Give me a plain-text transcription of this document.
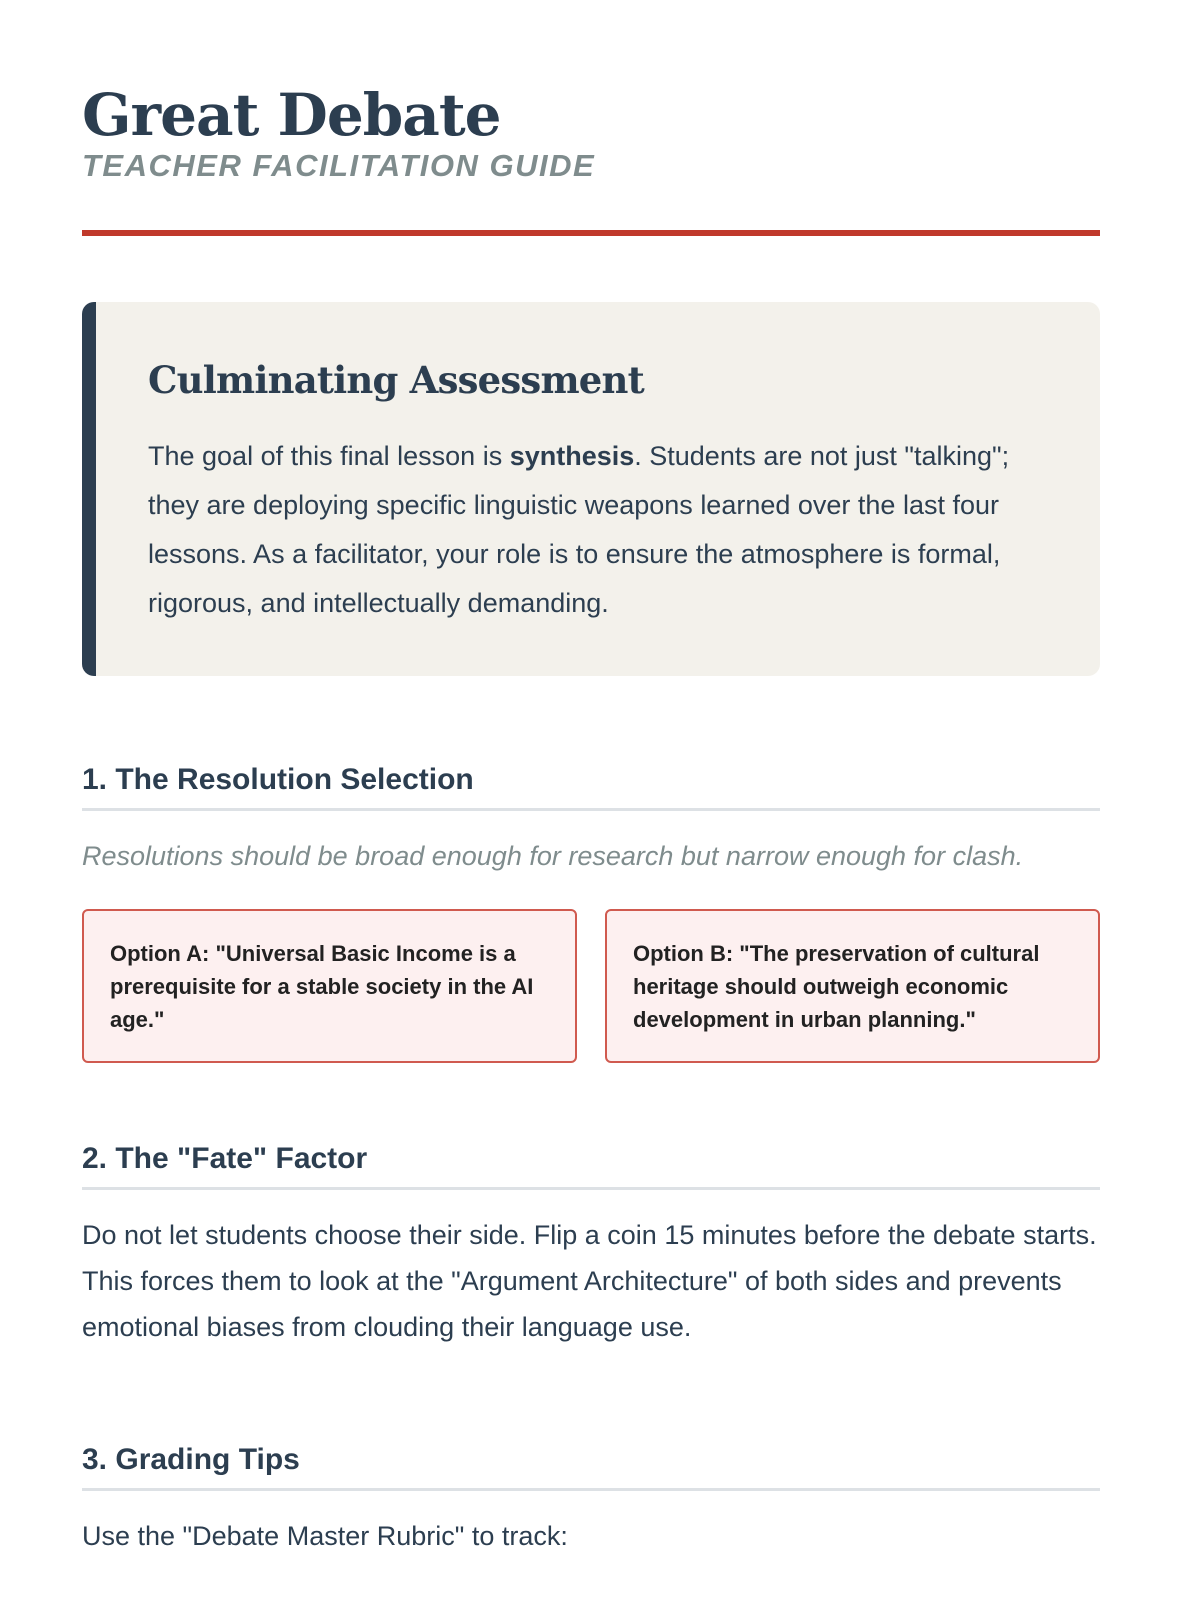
Great Debate

TEACHER FACILITATION GUIDE

Culminating Assessment

The goal of this final lesson is synthesis. Students are not just "talking"; they are deploying specific linguistic weapons learned over the last four lessons. As a facilitator, your role is to ensure the atmosphere is formal, rigorous, and intellectually demanding.

1. The Resolution Selection

Resolutions should be broad enough for research but narrow enough for clash.

Option A: "Universal Basic Income is a prerequisite for a stable society in the AI age."
Option B: "The preservation of cultural heritage should outweigh economic development in urban planning."
2. The "Fate" Factor

Do not let students choose their side. Flip a coin 15 minutes before the debate starts. This forces them to look at the "Argument Architecture" of both sides and prevents emotional biases from clouding their language use.

3. Grading Tips

Use the "Debate Master Rubric" to track:
